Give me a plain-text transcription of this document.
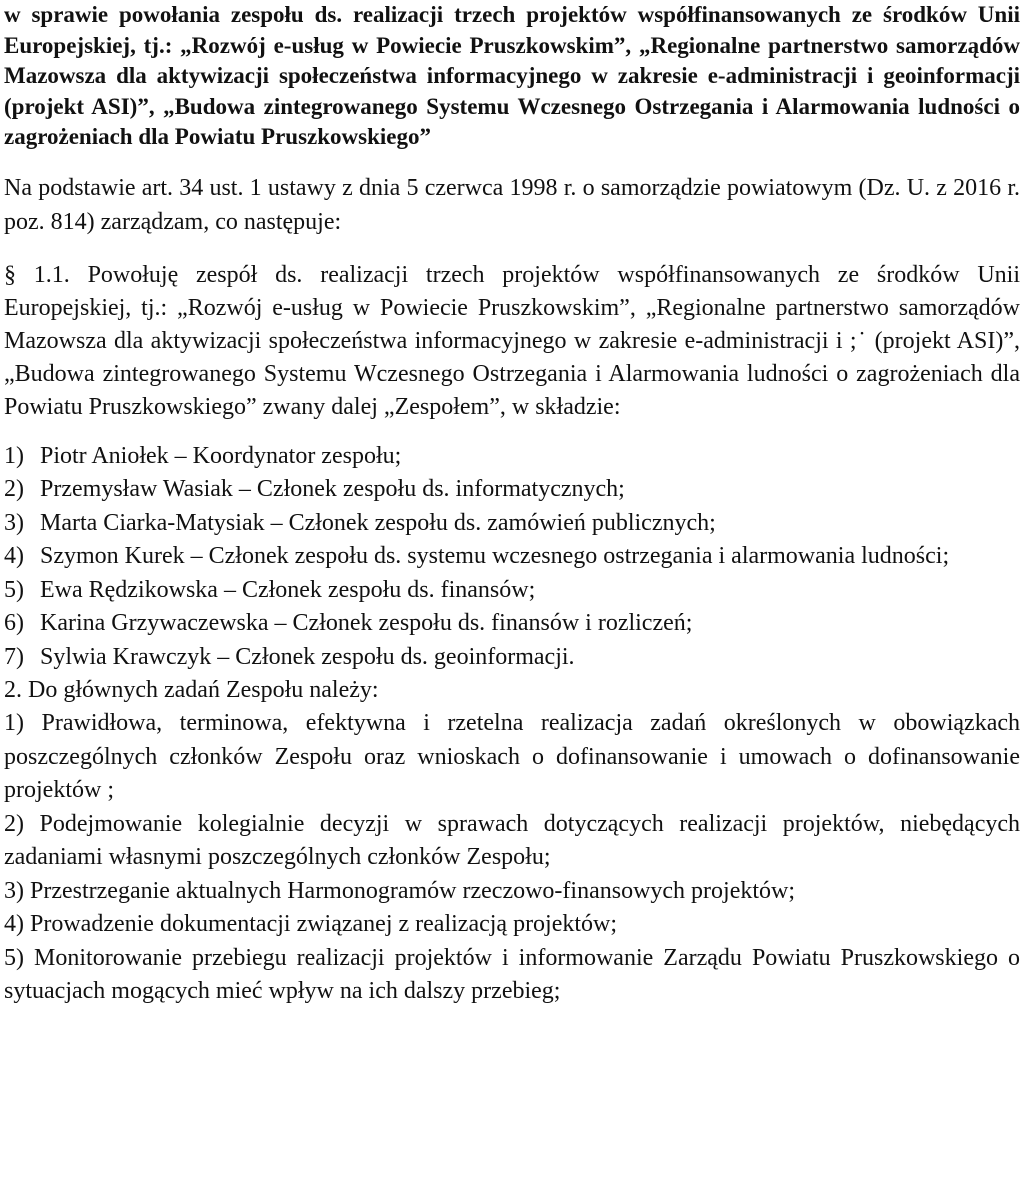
w sprawie powołania zespołu ds. realizacji trzech projektów współfinansowanych ze środków Unii Europejskiej, tj.: „Rozwój e-usług w Powiecie Pruszkowskim”, „Regionalne partnerstwo samorządów Mazowsza dla aktywizacji społeczeństwa informacyjnego w zakresie e-administracji i geoinformacji (projekt ASI)”, „Budowa zintegrowanego Systemu Wczesnego Ostrzegania i Alarmowania ludności o zagrożeniach dla Powiatu Pruszkowskiego”

Na podstawie art. 34 ust. 1 ustawy z dnia 5 czerwca 1998 r. o samorządzie powiatowym (Dz. U. z 2016 r. poz. 814) zarządzam, co następuje:

§ 1.1. Powołuję zespół ds. realizacji trzech projektów współfinansowanych ze środków Unii Europejskiej, tj.: „Rozwój e-usług w Powiecie Pruszkowskim”, „Regionalne partnerstwo samorządów Mazowsza dla aktywizacji społeczeństwa informacyjnego w zakresie e-administracji i ;˙ (projekt ASI)”, „Budowa zintegrowanego Systemu Wczesnego Ostrzegania i Alarmowania ludności o zagrożeniach dla Powiatu Pruszkowskiego” zwany dalej „Zespołem”, w składzie:

1) Piotr Aniołek – Koordynator zespołu;
2) Przemysław Wasiak – Członek zespołu ds. informatycznych;
3) Marta Ciarka-Matysiak – Członek zespołu ds. zamówień publicznych;
4) Szymon Kurek – Członek zespołu ds. systemu wczesnego ostrzegania i alarmowania ludności;
5) Ewa Rędzikowska – Członek zespołu ds. finansów;
6) Karina Grzywaczewska – Członek zespołu ds. finansów i rozliczeń;
7) Sylwia Krawczyk – Członek zespołu ds. geoinformacji.

2. Do głównych zadań Zespołu należy:

1) Prawidłowa, terminowa, efektywna i rzetelna realizacja zadań określonych w obowiązkach poszczególnych członków Zespołu oraz wnioskach o dofinansowanie i umowach o dofinansowanie projektów ;
2) Podejmowanie kolegialnie decyzji w sprawach dotyczących realizacji projektów, niebędących zadaniami własnymi poszczególnych członków Zespołu;
3) Przestrzeganie aktualnych Harmonogramów rzeczowo-finansowych projektów;
4) Prowadzenie dokumentacji związanej z realizacją projektów;
5) Monitorowanie przebiegu realizacji projektów i informowanie Zarządu Powiatu Pruszkowskiego o sytuacjach mogących mieć wpływ na ich dalszy przebieg;
